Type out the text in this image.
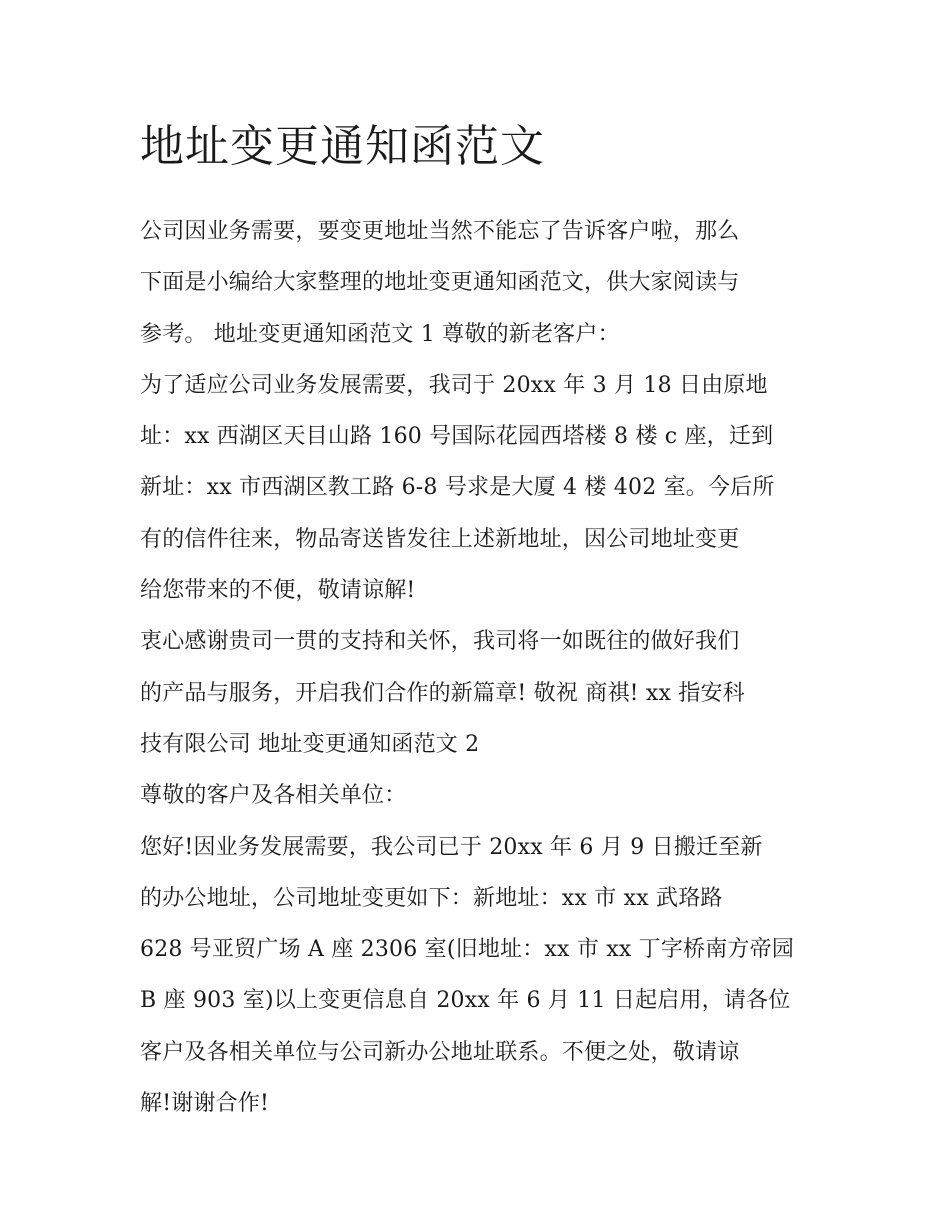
地址变更通知函范文
公司因业务需要，要变更地址当然不能忘了告诉客户啦，那么
下面是小编给大家整理的地址变更通知函范文，供大家阅读与
参考。 地址变更通知函范文 1 尊敬的新老客户：
为了适应公司业务发展需要，我司于 20xx 年 3 月 18 日由原地
址：xx 西湖区天目山路 160 号国际花园西塔楼 8 楼 c 座，迁到
新址：xx 市西湖区教工路 6-8 号求是大厦 4 楼 402 室。今后所
有的信件往来，物品寄送皆发往上述新地址，因公司地址变更
给您带来的不便，敬请谅解!
衷心感谢贵司一贯的支持和关怀，我司将一如既往的做好我们
的产品与服务，开启我们合作的新篇章! 敬祝 商祺! xx 指安科
技有限公司 地址变更通知函范文 2
尊敬的客户及各相关单位：
您好!因业务发展需要，我公司已于 20xx 年 6 月 9 日搬迁至新
的办公地址，公司地址变更如下：新地址：xx 市 xx 武珞路
628 号亚贸广场 A 座 2306 室(旧地址：xx 市 xx 丁字桥南方帝园
B 座 903 室)以上变更信息自 20xx 年 6 月 11 日起启用，请各位
客户及各相关单位与公司新办公地址联系。不便之处，敬请谅
解!谢谢合作!
